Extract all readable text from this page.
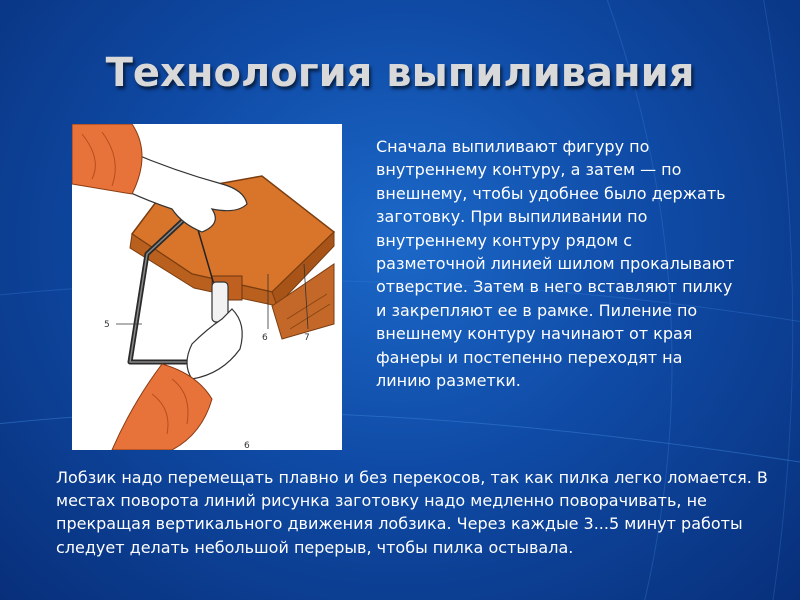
Технология выпиливания
5
6	7
6
Сначала выпиливают фигуру по внутреннему контуру, а затем — по внешнему, чтобы удобнее было держать заготовку. При выпиливании по внутреннему контуру рядом с разметочной линией шилом прокалывают отверстие. Затем в него вставляют пилку и закрепляют ее в рамке. Пиление по внешнему контуру начинают от края фанеры и постепенно переходят на линию разметки.
Лобзик надо перемещать плавно и без перекосов, так как пилка легко ломается. В местах поворота линий рисунка заготовку надо медленно поворачивать, не прекращая вертикального движения лобзика. Через каждые 3...5 минут работы следует делать небольшой перерыв, чтобы пилка остывала.
